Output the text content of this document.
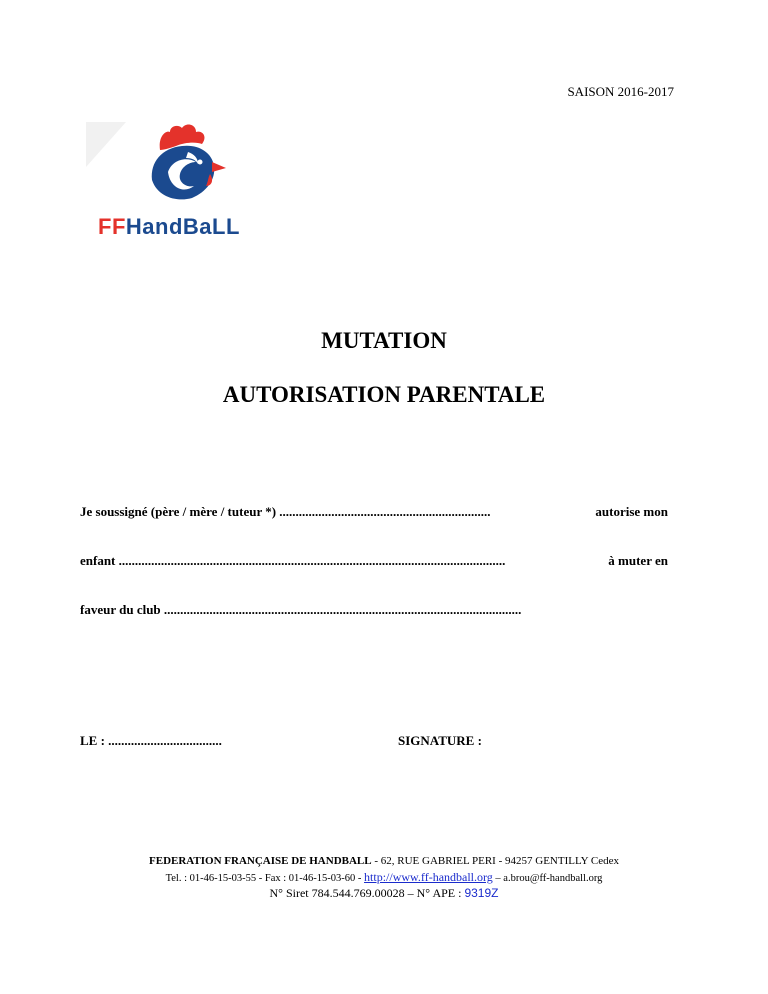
SAISON 2016-2017
FFHandBaLL
MUTATION
AUTORISATION PARENTALE
Je soussigné (père / mère / tuteur *) .................................................................	autorise mon
enfant .......................................................................................................................	à muter en
faveur du club ..............................................................................................................
LE : ...................................	SIGNATURE :
FEDERATION FRANÇAISE DE HANDBALL - 62, RUE GABRIEL PERI - 94257 GENTILLY Cedex
Tel. : 01-46-15-03-55 - Fax : 01-46-15-03-60 - http://www.ff-handball.org – a.brou@ff-handball.org
N° Siret 784.544.769.00028 – N° APE : 9319Z
